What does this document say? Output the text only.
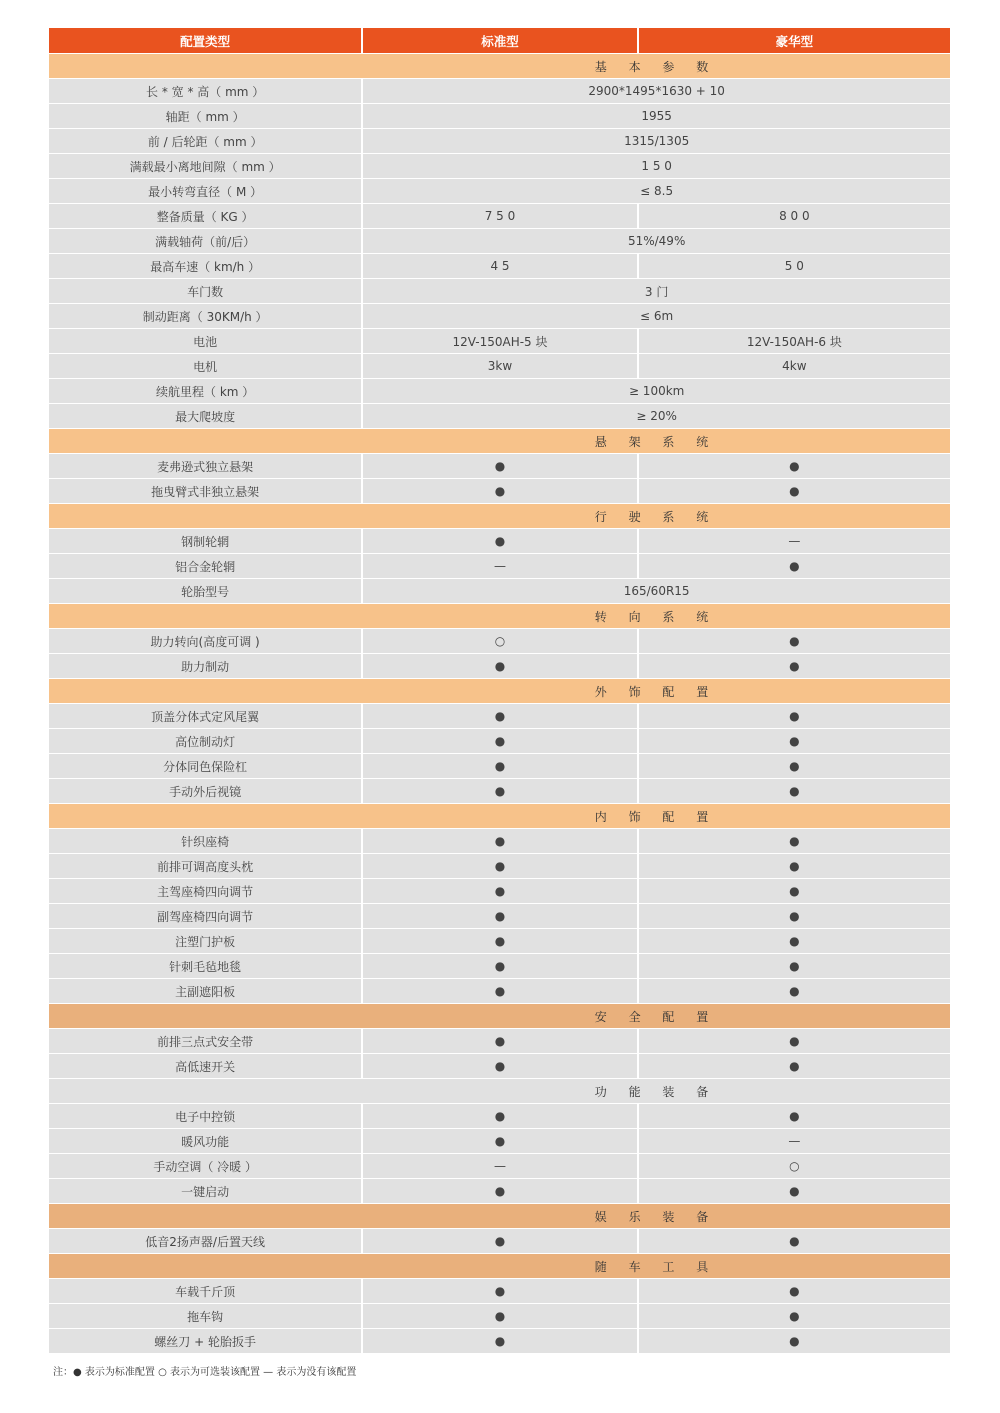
配置类型	标准型	豪华型
基 本 参 数
长 * 宽 * 高（ mm ）	2900*1495*1630 + 10
轴距（ mm ）	1955
前 / 后轮距（ mm ）	1315/1305
满载最小离地间隙（ mm ）	1 5 0
最小转弯直径（ M ）	≤ 8.5
整备质量（ KG ）	7 5 0	8 0 0
满载轴荷（前/后）	51%/49%
最高车速（ km/h ）	4 5	5 0
车门数	3 门
制动距离（ 30KM/h ）	≤ 6m
电池	12V-150AH-5 块	12V-150AH-6 块
电机	3kw	4kw
续航里程（ km ）	≥ 100km
最大爬坡度	≥ 20%
悬 架 系 统
麦弗逊式独立悬架	●	●
拖曳臂式非独立悬架	●	●
行 驶 系 统
钢制轮辋	●	—
铝合金轮辋	—	●
轮胎型号	165/60R15
转 向 系 统
助力转向(高度可调 )	○	●
助力制动	●	●
外 饰 配 置
顶盖分体式定风尾翼	●	●
高位制动灯	●	●
分体同色保险杠	●	●
手动外后视镜	●	●
内 饰 配 置
针织座椅	●	●
前排可调高度头枕	●	●
主驾座椅四向调节	●	●
副驾座椅四向调节	●	●
注塑门护板	●	●
针刺毛毡地毯	●	●
主副遮阳板	●	●
安 全 配 置
前排三点式安全带	●	●
高低速开关	●	●
功 能 装 备
电子中控锁	●	●
暖风功能	●	—
手动空调（ 冷暖 ）	—	○
一键启动	●	●
娱 乐 装 备
低音2扬声器/后置天线	●	●
随 车 工 具
车载千斤顶	●	●
拖车钩	●	●
螺丝刀 + 轮胎扳手	●	●
注：● 表示为标准配置 ○ 表示为可选装该配置 — 表示为没有该配置
